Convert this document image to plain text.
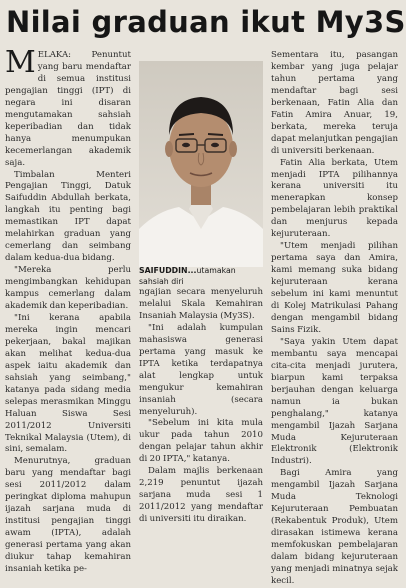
Nilai graduan ikut My3S

MELAKA: Penuntut yang baru mendaftar di semua institusi pengajian tinggi (IPT) di negara ini disaran mengutamakan sahsiah keperibadian dan tidak hanya menumpukan kecemerlangan akademik saja.

Timbalan Menteri Pengajian Tinggi, Datuk Saifuddin Abdullah berkata, langkah itu penting bagi memastikan IPT dapat melahirkan graduan yang cemerlang dan seimbang dalam kedua-dua bidang.

"Mereka perlu mengimbangkan kehidupan kampus cemerlang dalam akademik dan keperibadian.

"Ini kerana apabila mereka ingin mencari pekerjaan, bakal majikan akan melihat kedua-dua aspek iaitu akademik dan sahsiah yang seimbang," katanya pada sidang media selepas merasmikan Minggu Haluan Siswa Sesi 2011/2012 Universiti Teknikal Malaysia (Utem), di sini, semalam.

Menurutnya, graduan baru yang mendaftar bagi sesi 2011/2012 dalam peringkat diploma mahupun ijazah sarjana muda di institusi pengajian tinggi awam (IPTA), adalah generasi pertama yang akan diukur tahap kemahiran insaniah ketika pe-

SAIFUDDIN...utamakan sahsiah diri

ngajian secara menyeluruh melalui Skala Kemahiran Insaniah Malaysia (My3S).

"Ini adalah kumpulan mahasiswa generasi pertama yang masuk ke IPTA ketika terdapatnya alat lengkap untuk mengukur kemahiran insaniah (secara menyeluruh).

"Sebelum ini kita mula ukur pada tahun 2010 dengan pelajar tahun akhir di 20 IPTA," katanya.

Dalam majlis berkenaan 2,219 penuntut ijazah sarjana muda sesi 1 2011/2012 yang mendaftar di universiti itu diraikan.

Sementara itu, pasangan kembar yang juga pelajar tahun pertama yang mendaftar bagi sesi berkenaan, Fatin Alia dan Fatin Amira Anuar, 19, berkata, mereka teruja dapat melanjutkan pengajian di universiti berkenaan.

Fatin Alia berkata, Utem menjadi IPTA pilihannya kerana universiti itu menerapkan konsep pembelajaran lebih praktikal dan menjurus kepada kejuruteraan.

"Utem menjadi pilihan pertama saya dan Amira, kami memang suka bidang kejuruteraan kerana sebelum ini kami menuntut di Kolej Matrikulasi Pahang dengan mengambil bidang Sains Fizik.

"Saya yakin Utem dapat membantu saya mencapai cita-cita menjadi jurutera, biarpun kami terpaksa berjauhan dengan keluarga namun ia bukan penghalang," katanya mengambil Ijazah Sarjana Muda Kejuruteraan Elektronik (Elektronik Industri).

Bagi Amira yang mengambil Ijazah Sarjana Muda Teknologi Kejuruteraan Pembuatan (Rekabentuk Produk), Utem dirasakan istimewa kerana memfokuskan pembelajaran dalam bidang kejuruteraan yang menjadi minatnya sejak kecil.
